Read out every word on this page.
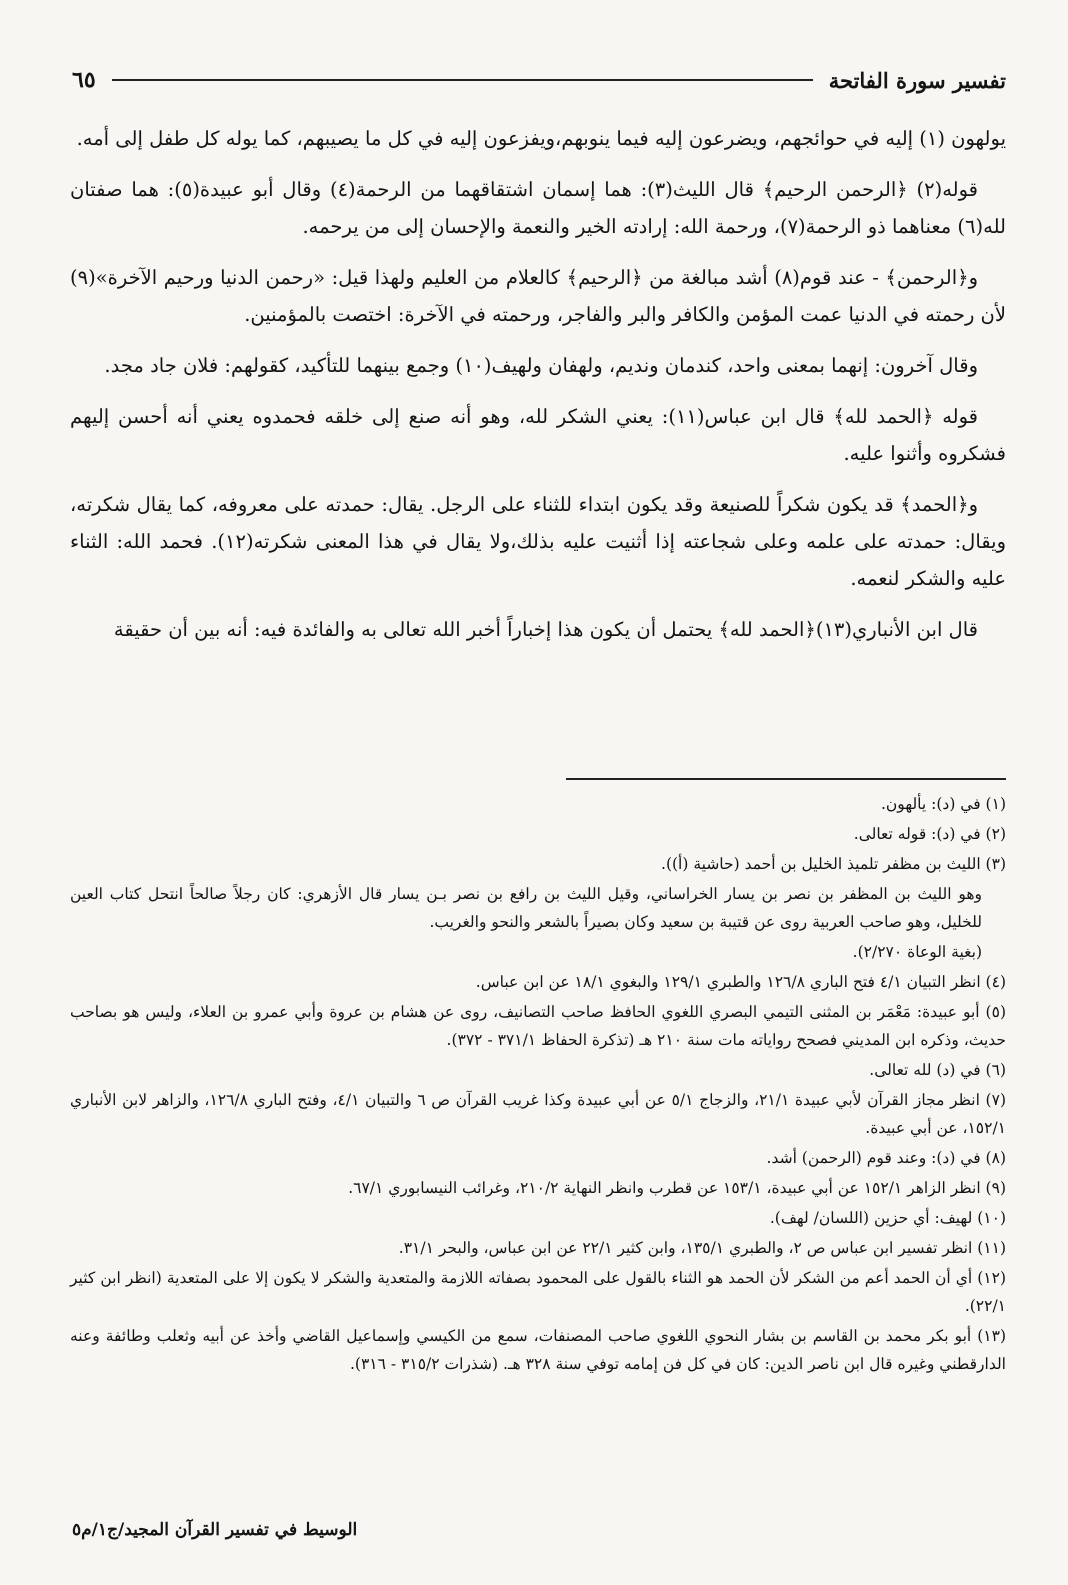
تفسير سورة الفاتحة
٦٥

يولهون (١) إليه في حوائجهم، ويضرعون إليه فيما ينوبهم،ويفزعون إليه في كل ما يصيبهم، كما يوله كل طفل إلى أمه.

قوله(٢) ﴿الرحمن الرحيم﴾ قال الليث(٣): هما إسمان اشتقاقهما من الرحمة(٤) وقال أبو عبيدة(٥): هما صفتان لله(٦) معناهما ذو الرحمة(٧)، ورحمة الله: إرادته الخير والنعمة والإحسان إلى من يرحمه.

و﴿الرحمن﴾ - عند قوم(٨) أشد مبالغة من ﴿الرحيم﴾ كالعلام من العليم ولهذا قيل: «رحمن الدنيا ورحيم الآخرة»(٩) لأن رحمته في الدنيا عمت المؤمن والكافر والبر والفاجر، ورحمته في الآخرة: اختصت بالمؤمنين.

وقال آخرون: إنهما بمعنى واحد، كندمان ونديم، ولهفان ولهيف(١٠) وجمع بينهما للتأكيد، كقولهم: فلان جاد مجد.

قوله ﴿الحمد لله﴾ قال ابن عباس(١١): يعني الشكر لله، وهو أنه صنع إلى خلقه فحمدوه يعني أنه أحسن إليهم فشكروه وأثنوا عليه.

و﴿الحمد﴾ قد يكون شكراً للصنيعة وقد يكون ابتداء للثناء على الرجل. يقال: حمدته على معروفه، كما يقال شكرته، ويقال: حمدته على علمه وعلى شجاعته إذا أثنيت عليه بذلك،ولا يقال في هذا المعنى شكرته(١٢). فحمد الله: الثناء عليه والشكر لنعمه.

قال ابن الأنباري(١٣)﴿الحمد لله﴾ يحتمل أن يكون هذا إخباراً أخبر الله تعالى به والفائدة فيه: أنه بين أن حقيقة

(١) في (د): يألهون.
(٢) في (د): قوله تعالى.
(٣) الليث بن مظفر تلميذ الخليل بن أحمد (حاشية (أ)).
وهو الليث بن المظفر بن نصر بن يسار الخراساني، وقيل الليث بن رافع بن نصر بـن يسار قال الأزهري: كان رجلاً صالحاً انتحل كتاب العين للخليل، وهو صاحب العربية روى عن قتيبة بن سعيد وكان بصيراً بالشعر والنحو والغريب.
(بغية الوعاة ٢/٢٧٠).
(٤) انظر التبيان ٤/١ فتح الباري ١٢٦/٨ والطبري ١٢٩/١ والبغوي ١٨/١ عن ابن عباس.
(٥) أبو عبيدة: مَعْمَر بن المثنى التيمي البصري اللغوي الحافظ صاحب التصانيف، روى عن هشام بن عروة وأبي عمرو بن العلاء، وليس هو بصاحب حديث، وذكره ابن المديني فصحح رواياته مات سنة ٢١٠ هـ (تذكرة الحفاظ ٣٧١/١ - ٣٧٢).
(٦) في (د) لله تعالى.
(٧) انظر مجاز القرآن لأبي عبيدة ٢١/١، والزجاج ٥/١ عن أبي عبيدة وكذا غريب القرآن ص ٦ والتبيان ٤/١، وفتح الباري ١٢٦/٨، والزاهر لابن الأنباري ١٥٢/١، عن أبي عبيدة.
(٨) في (د): وعند قوم (الرحمن) أشد.
(٩) انظر الزاهر ١٥٢/١ عن أبي عبيدة، ١٥٣/١ عن قطرب وانظر النهاية ٢١٠/٢، وغرائب النيسابوري ٦٧/١.
(١٠) لهيف: أي حزين (اللسان/ لهف).
(١١) انظر تفسير ابن عباس ص ٢، والطبري ١٣٥/١، وابن كثير ٢٢/١ عن ابن عباس، والبحر ٣١/١.
(١٢) أي أن الحمد أعم من الشكر لأن الحمد هو الثناء بالقول على المحمود بصفاته اللازمة والمتعدية والشكر لا يكون إلا على المتعدية (انظر ابن كثير ٢٢/١).
(١٣) أبو بكر محمد بن القاسم بن بشار النحوي اللغوي صاحب المصنفات، سمع من الكيسي وإسماعيل القاضي وأخذ عن أبيه وثعلب وطائفة وعنه الدارقطني وغيره قال ابن ناصر الدين: كان في كل فن إمامه توفي سنة ٣٢٨ هـ. (شذرات ٣١٥/٢ - ٣١٦).
الوسيط في تفسير القرآن المجيد/ج١/م٥
